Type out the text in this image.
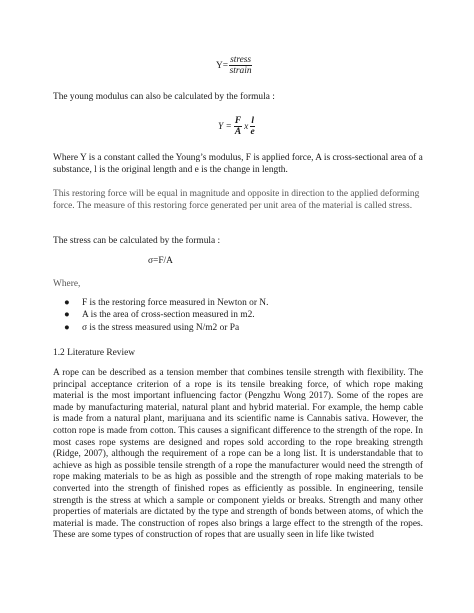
$Y= \frac{\text{stress}}{\text{strain}}$

The young modulus can also be calculated by the formula :

$Y = \frac{F}{A}$ x $\frac{l}{e}$

Where Y is a constant called the Young’s modulus, F is applied force, A is cross-sectional area of a substance, l is the original length and e is the change in length.

This restoring force will be equal in magnitude and opposite in direction to the applied deforming force. The measure of this restoring force generated per unit area of the material is called stress.

The stress can be calculated by the formula :

σ=F/A

Where,

● F is the restoring force measured in Newton or N.
● A is the area of cross-section measured in m2.
● σ is the stress measured using N/m2 or Pa

1.2 Literature Review

A rope can be described as a tension member that combines tensile strength with flexibility. The principal acceptance criterion of a rope is its tensile breaking force, of which rope making material is the most important influencing factor (Pengzhu Wong 2017). Some of the ropes are made by manufacturing material, natural plant and hybrid material. For example, the hemp cable is made from a natural plant, marijuana and its scientific name is Cannabis sativa. However, the cotton rope is made from cotton. This causes a significant difference to the strength of the rope. In most cases rope systems are designed and ropes sold according to the rope breaking strength (Ridge, 2007), although the requirement of a rope can be a long list. It is understandable that to achieve as high as possible tensile strength of a rope the manufacturer would need the strength of rope making materials to be as high as possible and the strength of rope making materials to be converted into the strength of finished ropes as efficiently as possible. In engineering, tensile strength is the stress at which a sample or component yields or breaks. Strength and many other properties of materials are dictated by the type and strength of bonds between atoms, of which the material is made. The construction of ropes also brings a large effect to the strength of the ropes. These are some types of construction of ropes that are usually seen in life like twisted
